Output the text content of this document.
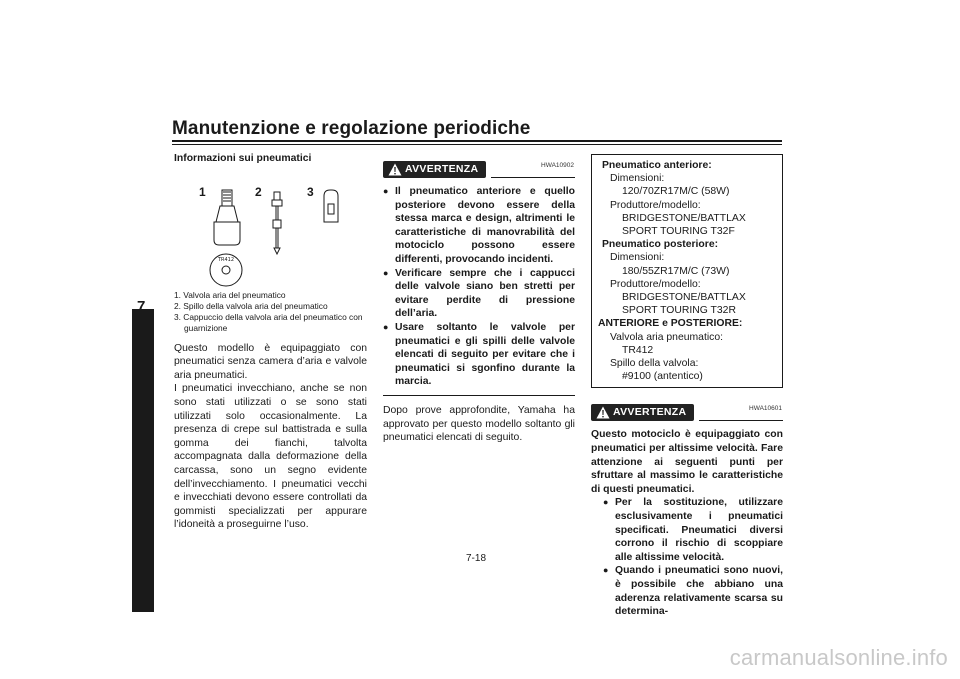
Manutenzione e regolazione periodiche
7
Informazioni sui pneumatici
1	2	3
TR412
1. Valvola aria del pneumatico
2. Spillo della valvola aria del pneumatico
3. Cappuccio della valvola aria del pneumatico con guarnizione
Questo modello è equipaggiato con pneumatici senza camera d’aria e valvole aria pneumatici.
I pneumatici invecchiano, anche se non sono stati utilizzati o se sono stati utilizzati solo occasionalmente. La presenza di crepe sul battistrada e sulla gomma dei fianchi, talvolta accompagnata dalla deformazione della carcassa, sono un segno evidente dell’invecchiamento. I pneumatici vecchi e invecchiati devono essere controllati da gommisti specializzati per appurare l’idoneità a proseguirne l’uso.
AVVERTENZA	HWA10902
● Il pneumatico anteriore e quello posteriore devono essere della stessa marca e design, altrimenti le caratteristiche di manovrabilità del motociclo possono essere differenti, provocando incidenti.
● Verificare sempre che i cappucci delle valvole siano ben stretti per evitare perdite di pressione dell’aria.
● Usare soltanto le valvole per pneumatici e gli spilli delle valvole elencati di seguito per evitare che i pneumatici si sgonfino durante la marcia.
Dopo prove approfondite, Yamaha ha approvato per questo modello soltanto gli pneumatici elencati di seguito.
Pneumatico anteriore:
Dimensioni:
120/70ZR17M/C (58W)
Produttore/modello:
BRIDGESTONE/BATTLAX
SPORT TOURING T32F
Pneumatico posteriore:
Dimensioni:
180/55ZR17M/C (73W)
Produttore/modello:
BRIDGESTONE/BATTLAX
SPORT TOURING T32R
ANTERIORE e POSTERIORE:
Valvola aria pneumatico:
TR412
Spillo della valvola:
#9100 (antentico)
AVVERTENZA	HWA10601
Questo motociclo è equipaggiato con pneumatici per altissime velocità. Fare attenzione ai seguenti punti per sfruttare al massimo le caratteristiche di questi pneumatici.
● Per la sostituzione, utilizzare esclusivamente i pneumatici specificati. Pneumatici diversi corrono il rischio di scoppiare alle altissime velocità.
● Quando i pneumatici sono nuovi, è possibile che abbiano una aderenza relativamente scarsa su determina-
7-18
carmanualsonline.info
